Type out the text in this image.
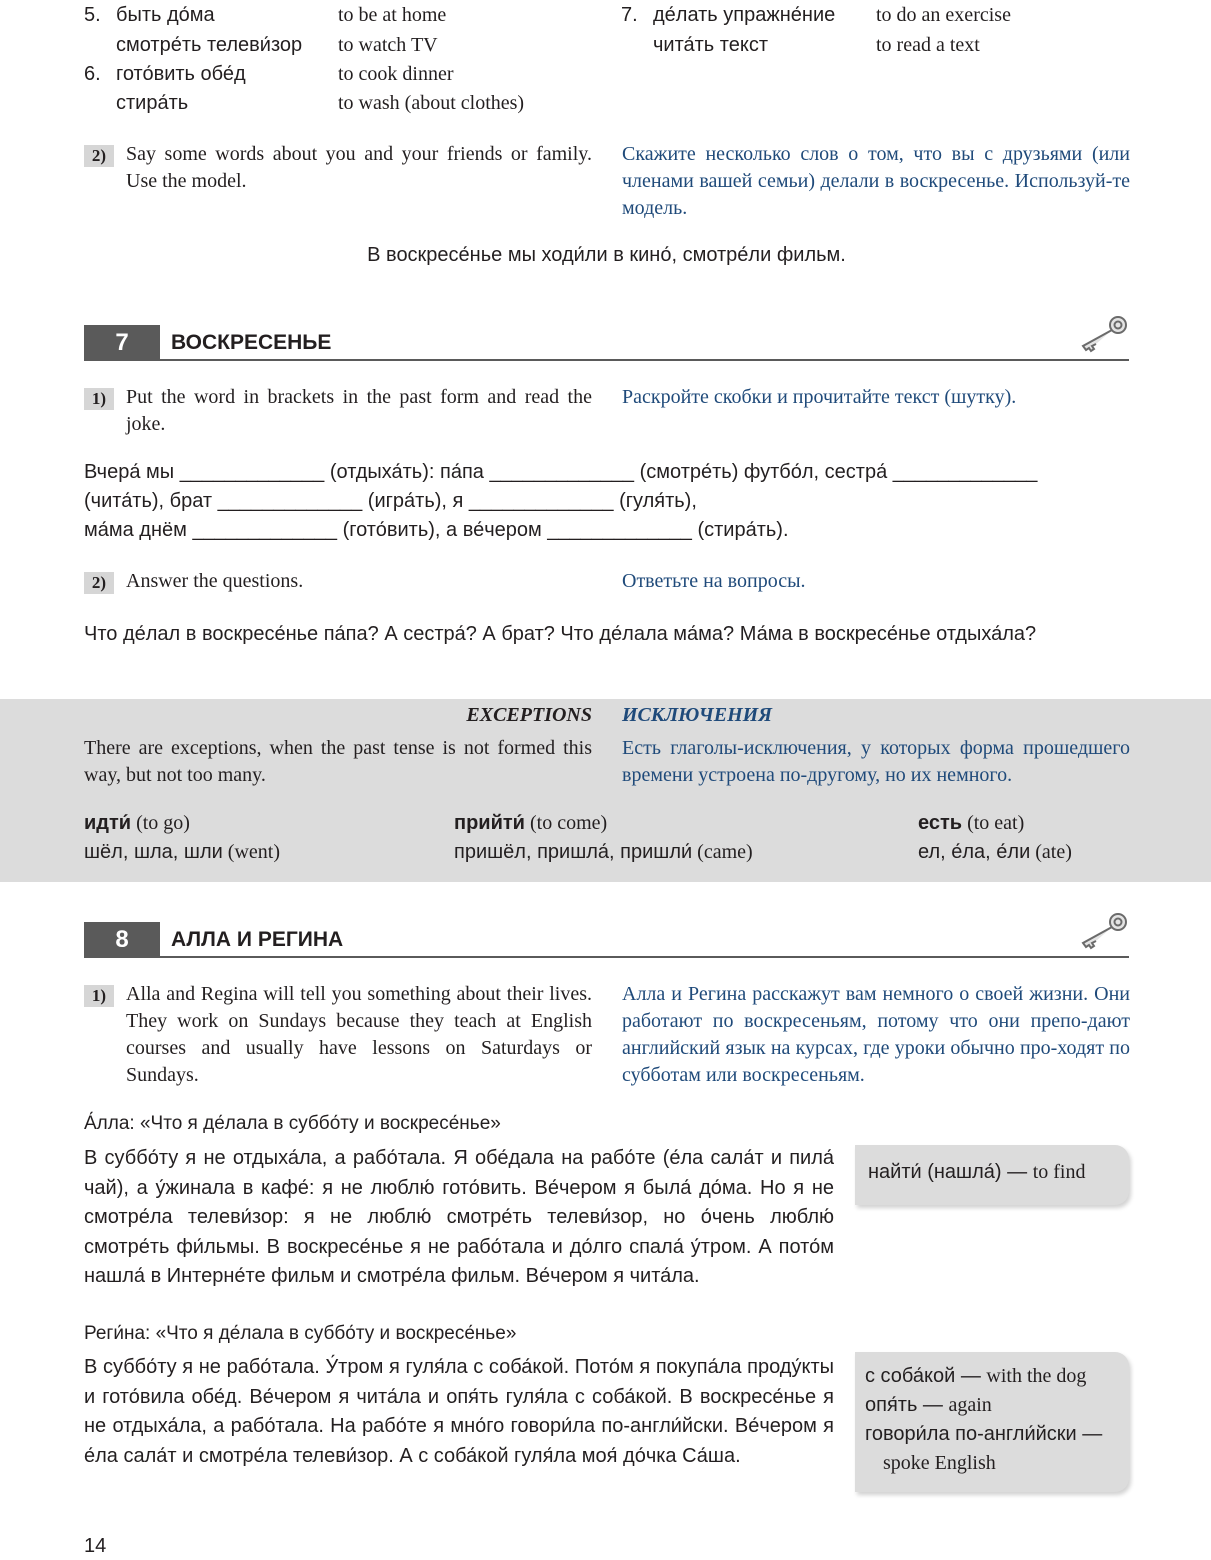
5. быть до́ма	to be at home
смотре́ть телеви́зор to watch TV
6. гото́вить обе́д	to cook dinner
стира́ть	to wash (about clothes)
7. де́лать упражне́ние to do an exercise
чита́ть текст	to read a text
2) Say some words about you and your friends or family. Use the model.
Скажите несколько слов о том, что вы с друзьями (или членами вашей семьи) делали в воскресенье. Используй-те модель.
В воскресе́нье мы ходи́ли в кино́, смотре́ли фильм.
7	ВОСКРЕСЕНЬЕ
1) Put the word in brackets in the past form and read the joke.
Раскройте скобки и прочитайте текст (шутку).
Вчера́ мы _____________ (отдыха́ть): па́па _____________ (смотре́ть) футбо́л, сестра́ _____________
(чита́ть), брат _____________ (игра́ть), я _____________ (гуля́ть),
ма́ма днём _____________ (гото́вить), а ве́чером _____________ (стира́ть).
2) Answer the questions.	Ответьте на вопросы.
Что де́лал в воскресе́нье па́па? А сестра́? А брат? Что де́лала ма́ма? Ма́ма в воскресе́нье отдыха́ла?
EXCEPTIONS ИСКЛЮЧЕНИЯ
There are exceptions, when the past tense is not formed this way, but not too many.
Есть глаголы-исключения, у которых форма прошедшего времени устроена по-другому, но их немного.
идти́ (to go)
шёл, шла, шли (went)
прийти́ (to come)
пришёл, пришла́, пришли́ (came)
есть (to eat)
ел, е́ла, е́ли (ate)
8	АЛЛА И РЕГИНА
1) Alla and Regina will tell you something about their lives. They work on Sundays because they teach at English courses and usually have lessons on Saturdays or Sundays.
Алла и Регина расскажут вам немного о своей жизни. Они работают по воскресеньям, потому что они препо-дают английский язык на курсах, где уроки обычно про-ходят по субботам или воскресеньям.
А́лла: «Что я де́лала в суббо́ту и воскресе́нье»
В суббо́ту я не отдыха́ла, а рабо́тала. Я обе́дала на рабо́те (е́ла сала́т и пила́ чай), а у́жинала в кафе́: я не люблю́ гото́вить. Ве́чером я была́ до́ма. Но я не смотре́ла телеви́зор: я не люблю́ смотре́ть телеви́зор, но о́чень люблю́ смотре́ть фи́льмы. В воскресе́нье я не рабо́тала и до́лго спала́ у́тром. А пото́м нашла́ в Интерне́те фильм и смотре́ла фильм. Ве́чером я чита́ла.
найти́ (нашла́) — to find
Реги́на: «Что я де́лала в суббо́ту и воскресе́нье»
В суббо́ту я не рабо́тала. У́тром я гуля́ла с соба́кой. Пото́м я покупа́ла проду́кты и гото́вила обе́д. Ве́чером я чита́ла и опя́ть гуля́ла с соба́кой. В воскресе́нье я не отдыха́ла, а рабо́тала. На рабо́те я мно́го говори́ла по-англи́йски. Ве́чером я е́ла сала́т и смотре́ла телеви́зор. А с соба́кой гуля́ла моя́ до́чка Са́ша.
с соба́кой — with the dog
опя́ть — again
говори́ла по-англи́йски —
spoke English
14
